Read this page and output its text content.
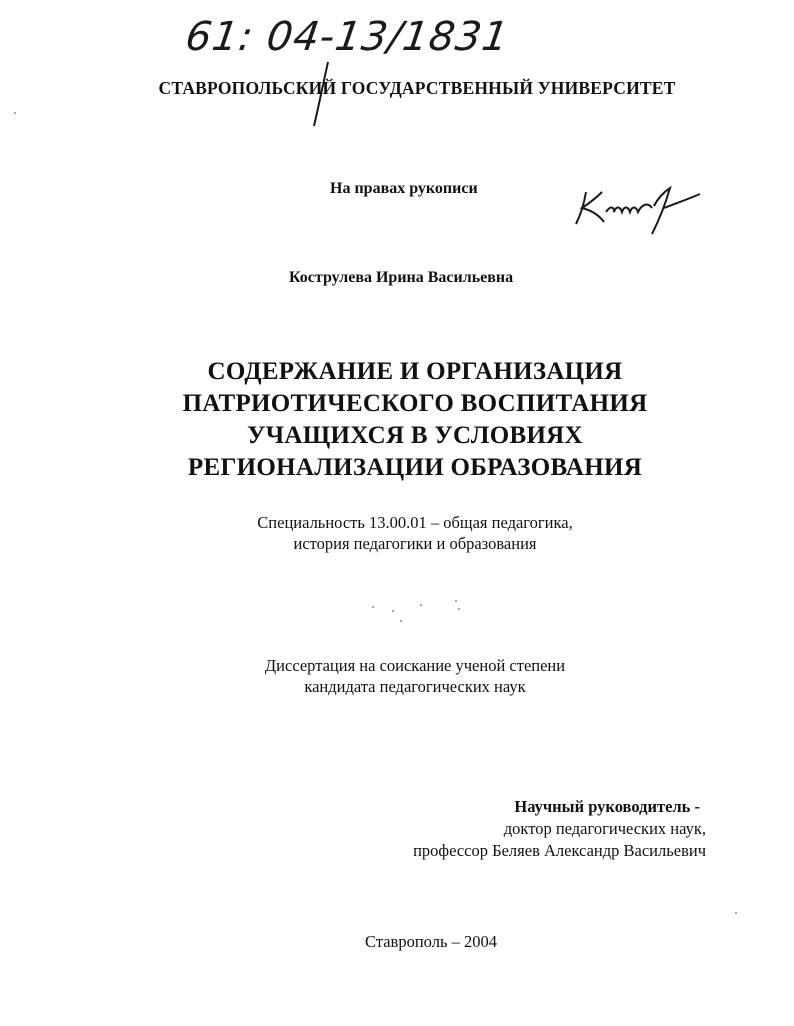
61: 04-13/1831
СТАВРОПОЛЬСКИЙ ГОСУДАРСТВЕННЫЙ УНИВЕРСИТЕТ
На правах рукописи
Кострулева Ирина Васильевна
СОДЕРЖАНИЕ И ОРГАНИЗАЦИЯ
ПАТРИОТИЧЕСКОГО ВОСПИТАНИЯ
УЧАЩИХСЯ В УСЛОВИЯХ
РЕГИОНАЛИЗАЦИИ ОБРАЗОВАНИЯ
Специальность 13.00.01 – общая педагогика,
история педагогики и образования
Диссертация на соискание ученой степени
кандидата педагогических наук
Научный руководитель -
доктор педагогических наук,
профессор Беляев Александр Васильевич
Ставрополь – 2004
